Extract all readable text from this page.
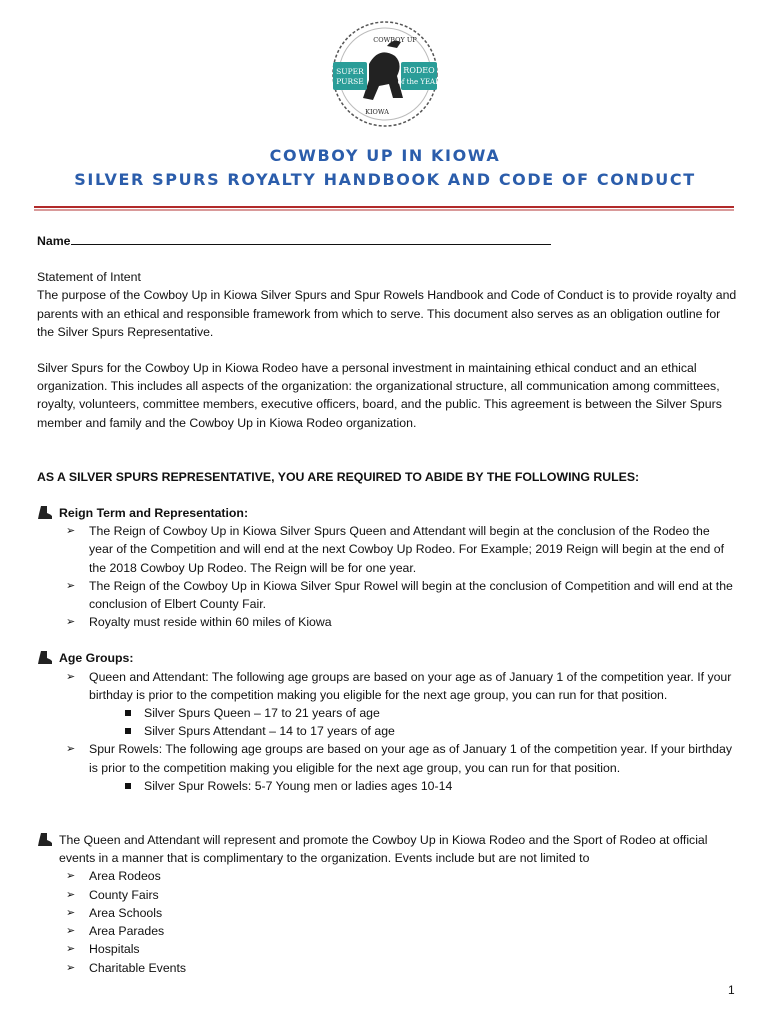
SUPER
PURSE
RODEO
of the YEAR
COWBOY UP
KIOWA
COWBOY UP IN KIOWA
SILVER SPURS ROYALTY HANDBOOK AND CODE OF CONDUCT
Name
Statement of Intent
The purpose of the Cowboy Up in Kiowa Silver Spurs and Spur Rowels Handbook and Code of Conduct is to provide royalty and parents with an ethical and responsible framework from which to serve. This document also serves as an obligation outline for the Silver Spurs Representative.
Silver Spurs for the Cowboy Up in Kiowa Rodeo have a personal investment in maintaining ethical conduct and an ethical organization. This includes all aspects of the organization: the organizational structure, all communication among committees, royalty, volunteers, committee members, executive officers, board, and the public. This agreement is between the Silver Spurs member and family and the Cowboy Up in Kiowa Rodeo organization.
AS A SILVER SPURS REPRESENTATIVE, YOU ARE REQUIRED TO ABIDE BY THE FOLLOWING RULES:
Reign Term and Representation:
➢	The Reign of Cowboy Up in Kiowa Silver Spurs Queen and Attendant will begin at the conclusion of the Rodeo the year of the Competition and will end at the next Cowboy Up Rodeo. For Example; 2019 Reign will begin at the end of the 2018 Cowboy Up Rodeo. The Reign will be for one year.
➢	The Reign of the Cowboy Up in Kiowa Silver Spur Rowel will begin at the conclusion of Competition and will end at the conclusion of Elbert County Fair.
➢	Royalty must reside within 60 miles of Kiowa
Age Groups:
➢	Queen and Attendant: The following age groups are based on your age as of January 1 of the competition year. If your birthday is prior to the competition making you eligible for the next age group, you can run for that position.
Silver Spurs Queen – 17 to 21 years of age
Silver Spurs Attendant – 14 to 17 years of age
➢	Spur Rowels: The following age groups are based on your age as of January 1 of the competition year. If your birthday is prior to the competition making you eligible for the next age group, you can run for that position.
Silver Spur Rowels: 5-7 Young men or ladies ages 10-14
The Queen and Attendant will represent and promote the Cowboy Up in Kiowa Rodeo and the Sport of Rodeo at official events in a manner that is complimentary to the organization. Events include but are not limited to
➢	Area Rodeos
➢	County Fairs
➢	Area Schools
➢	Area Parades
➢	Hospitals
➢	Charitable Events
1
